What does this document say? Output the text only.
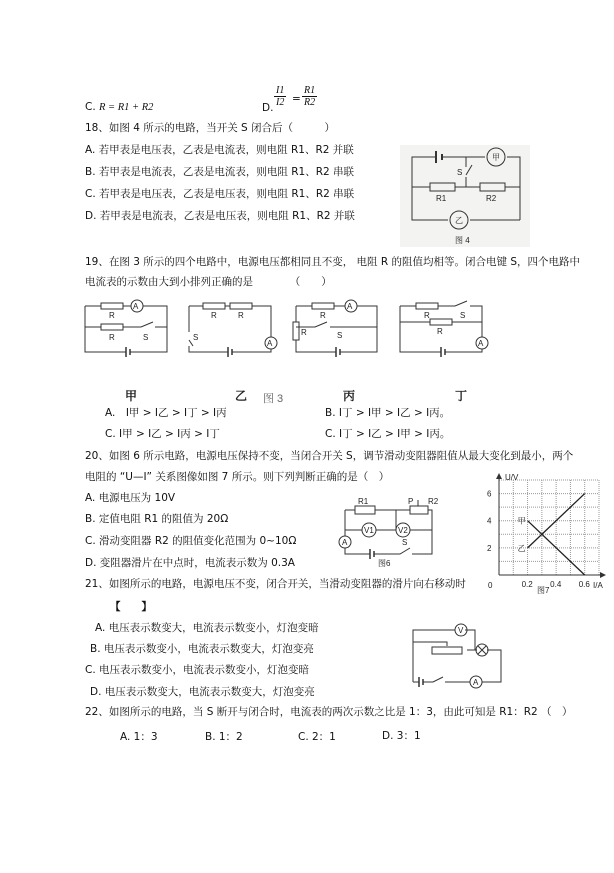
C. R = R1 + R2	D. $\frac{I1}{I2} = \frac{R1}{R2}$
18、如图 4 所示的电路，当开关 S 闭合后（　　　）
A. 若甲表是电压表，乙表是电流表，则电阻 R1、R2 并联
B. 若甲表是电流表，乙表是电流表，则电阻 R1、R2 串联
C. 若甲表是电压表，乙表是电压表，则电阻 R1、R2 串联
D. 若甲表是电流表，乙表是电压表，则电阻 R1、R2 并联
甲
乙
S
R1	R2
图 4
19、在图 3 所示的四个电路中，电源电压都相同且不变， 电阻 R 的阻值均相等。闭合电键 S，四个电路中
电流表的示数由大到小排列正确的是　　　　（　　）
A
A
A
A
R
R	S
R	R
S
R
R	S
R	S
R
甲	乙	丙	丁
图 3
A.　I甲 > I乙 > I丁 > I丙	B. I丁 > I甲 > I乙 > I丙。
C. I甲 > I乙 > I丙 > I丁	C. I丁 > I乙 > I甲 > I丙。
20、如图 6 所示电路，电源电压保持不变，当闭合开关 S，调节滑动变阻器阻值从最大变化到最小，两个
电阻的 “U—I” 关系图像如图 7 所示。则下列判断正确的是（　）
A. 电源电压为 10V
B. 定值电阻 R1 的阻值为 20Ω
C. 滑动变阻器 R2 的阻值变化范围为 0~10Ω
D. 变阻器滑片在中点时，电流表示数为 0.3A
R1	R2
P
V1	V2
A	S
图6
甲
乙
U/V
I/A
0
2
4
6
0.2 0.4 0.6
图7
21、如图所示的电路，电源电压不变，闭合开关，当滑动变阻器的滑片向右移动时
【　　】
A. 电压表示数变大，电流表示数变小，灯泡变暗
B. 电压表示数变小，电流表示数变大，灯泡变亮
C. 电压表示数变小，电流表示数变小，灯泡变暗
D. 电压表示数变大，电流表示数变大，灯泡变亮
V
A
22、如图所示的电路，当 S 断开与闭合时，电流表的两次示数之比是 1：3，由此可知是 R1：R2 （　）
A. 1：3	B. 1：2	C. 2：1	D. 3：1
